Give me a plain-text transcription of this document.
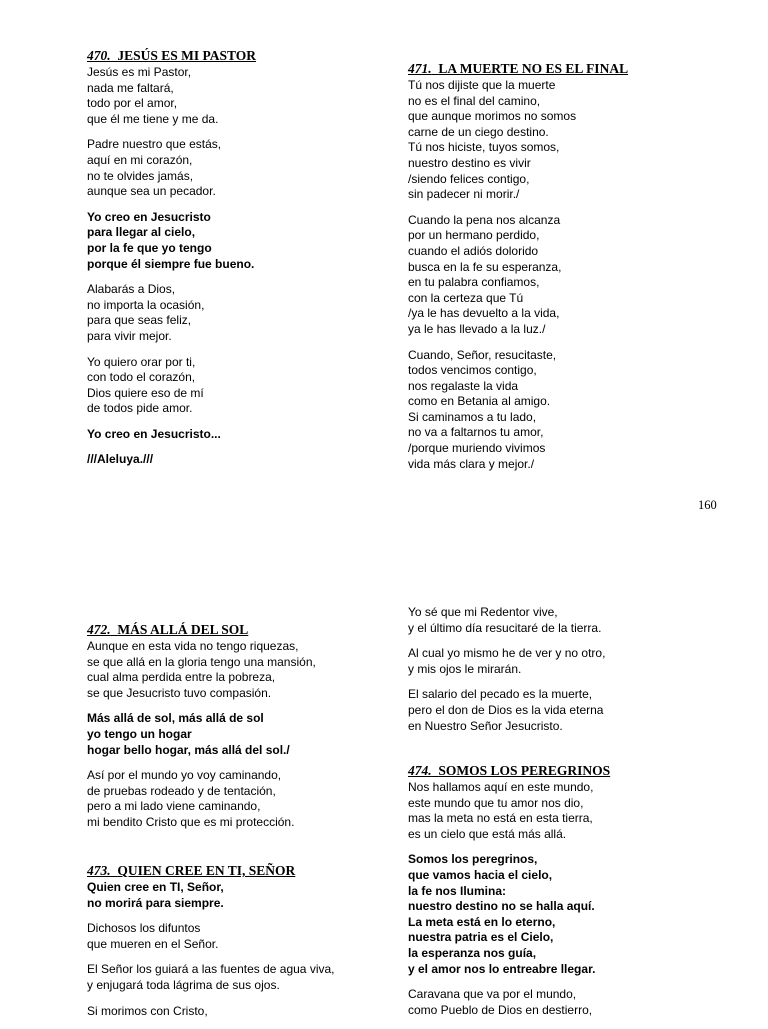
470. JESÚS ES MI PASTOR
Jesús es mi Pastor,
nada me faltará,
todo por el amor,
que él me tiene y me da.
Padre nuestro que estás,
aquí en mi corazón,
no te olvides jamás,
aunque sea un pecador.
Yo creo en Jesucristo
para llegar al cielo,
por la fe que yo tengo
porque él siempre fue bueno.
Alabarás a Dios,
no importa la ocasión,
para que seas feliz,
para vivir mejor.
Yo quiero orar por ti,
con todo el corazón,
Dios quiere eso de mí
de todos pide amor.
Yo creo en Jesucristo...
///Aleluya.///
471. LA MUERTE NO ES EL FINAL
Tú nos dijiste que la muerte
no es el final del camino,
que aunque morimos no somos
carne de un ciego destino.
Tú nos hiciste, tuyos somos,
nuestro destino es vivir
/siendo felices contigo,
sin padecer ni morir./
Cuando la pena nos alcanza
por un hermano perdido,
cuando el adiós dolorido
busca en la fe su esperanza,
en tu palabra confiamos,
con la certeza que Tú
/ya le has devuelto a la vida,
ya le has llevado a la luz./
Cuando, Señor, resucitaste,
todos vencimos contigo,
nos regalaste la vida
como en Betania al amigo.
Si caminamos a tu lado,
no va a faltarnos tu amor,
/porque muriendo vivimos
vida más clara y mejor./
160
472. MÁS ALLÁ DEL SOL
Aunque en esta vida no tengo riquezas,
se que allá en la gloria tengo una mansión,
cual alma perdida entre la pobreza,
se que Jesucristo tuvo compasión.
Más allá de sol, más allá de sol
yo tengo un hogar
hogar bello hogar, más allá del sol./
Así por el mundo yo voy caminando,
de pruebas rodeado y de tentación,
pero a mi lado viene caminando,
mi bendito Cristo que es mi protección.
473. QUIEN CREE EN TI, SEÑOR
Quien cree en TI, Señor,
no morirá para siempre.
Dichosos los difuntos
que mueren en el Señor.
El Señor los guiará a las fuentes de agua viva,
y enjugará toda lágrima de sus ojos.
Si morimos con Cristo,
Yo sé que mi Redentor vive,
y el último día resucitaré de la tierra.
Al cual yo mismo he de ver y no otro,
y mis ojos le mirarán.
El salario del pecado es la muerte,
pero el don de Dios es la vida eterna
en Nuestro Señor Jesucristo.
474. SOMOS LOS PEREGRINOS
Nos hallamos aquí en este mundo,
este mundo que tu amor nos dio,
mas la meta no está en esta tierra,
es un cielo que está más allá.
Somos los peregrinos,
que vamos hacia el cielo,
la fe nos Ilumina:
nuestro destino no se halla aquí.
La meta está en lo eterno,
nuestra patria es el Cielo,
la esperanza nos guía,
y el amor nos lo entreabre llegar.
Caravana que va por el mundo,
como Pueblo de Dios en destierro,
